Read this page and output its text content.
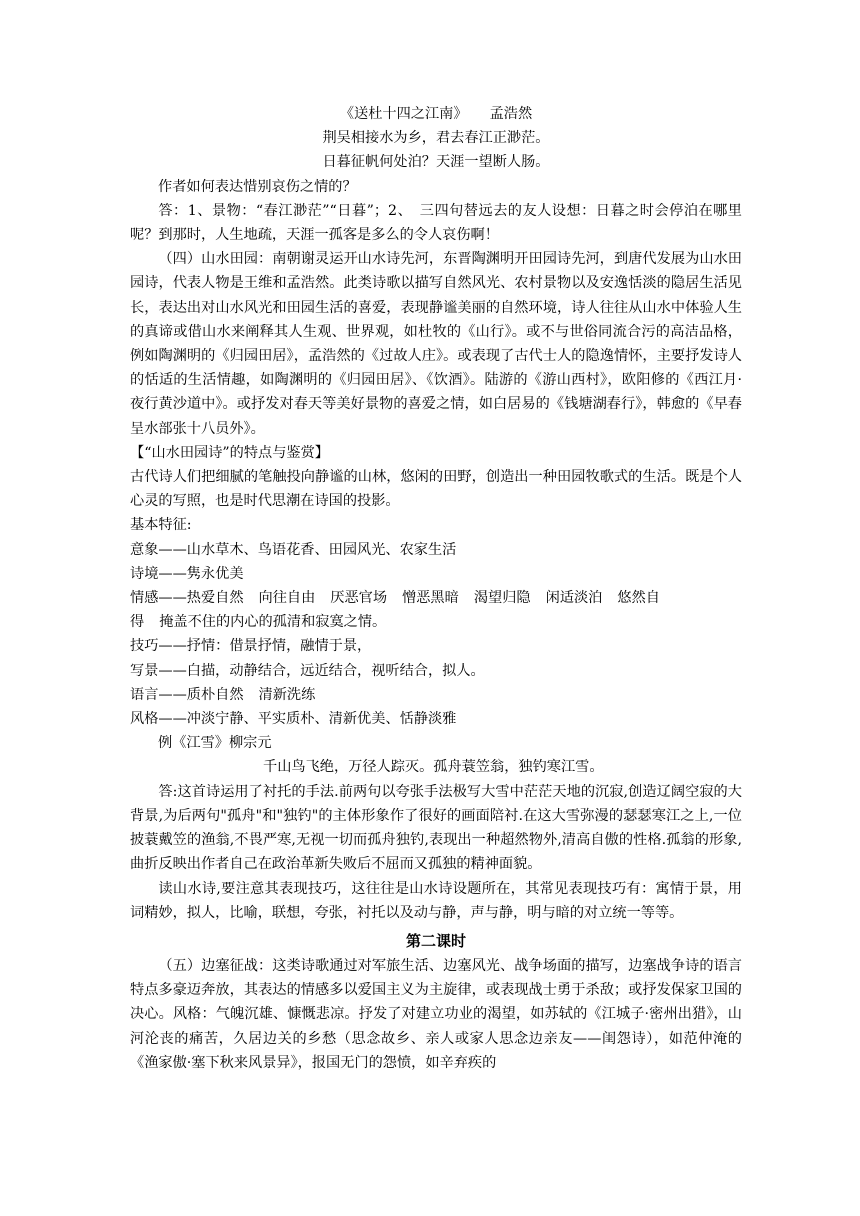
《送杜十四之江南》 孟浩然

荆吴相接水为乡，君去春江正渺茫。

日暮征帆何处泊？天涯一望断人肠。

作者如何表达惜别哀伤之情的？

答：1、景物：“春江渺茫”“日暮”；2、　三四句替远去的友人设想：日暮之时会停泊在哪里呢？到那时，人生地疏，天涯一孤客是多么的令人哀伤啊！

（四）山水田园：南朝谢灵运开山水诗先河，东晋陶渊明开田园诗先河，到唐代发展为山水田园诗，代表人物是王维和孟浩然。此类诗歌以描写自然风光、农村景物以及安逸恬淡的隐居生活见长，表达出对山水风光和田园生活的喜爱，表现静谧美丽的自然环境，诗人往往从山水中体验人生的真谛或借山水来阐释其人生观、世界观，如杜牧的《山行》。或不与世俗同流合污的高洁品格，例如陶渊明的《归园田居》，孟浩然的《过故人庄》。或表现了古代士人的隐逸情怀，主要抒发诗人的恬适的生活情趣，如陶渊明的《归园田居》、《饮酒》。陆游的《游山西村》，欧阳修的《西江月·夜行黄沙道中》。或抒发对春天等美好景物的喜爱之情，如白居易的《钱塘湖春行》，韩愈的《早春呈水部张十八员外》。

【“山水田园诗”的特点与鉴赏】

古代诗人们把细腻的笔触投向静谧的山林，悠闲的田野，创造出一种田园牧歌式的生活。既是个人心灵的写照，也是时代思潮在诗国的投影。

基本特征:

意象——山水草木、鸟语花香、田园风光、农家生活

诗境——隽永优美

情感——热爱自然 向往自由 厌恶官场 憎恶黑暗 渴望归隐 闲适淡泊 悠然自

得 掩盖不住的内心的孤清和寂寞之情。

技巧——抒情：借景抒情，融情于景，

写景——白描，动静结合，远近结合，视听结合，拟人。

语言——质朴自然 清新洗练

风格——冲淡宁静、平实质朴、清新优美、恬静淡雅

例《江雪》柳宗元

千山鸟飞绝，万径人踪灭。孤舟蓑笠翁，独钓寒江雪。

答:这首诗运用了衬托的手法.前两句以夸张手法极写大雪中茫茫天地的沉寂,创造辽阔空寂的大背景,为后两句"孤舟"和"独钓"的主体形象作了很好的画面陪衬.在这大雪弥漫的瑟瑟寒江之上,一位披蓑戴笠的渔翁,不畏严寒,无视一切而孤舟独钓,表现出一种超然物外,清高自傲的性格.孤翁的形象,曲折反映出作者自己在政治革新失败后不屈而又孤独的精神面貌。

读山水诗,要注意其表现技巧，这往往是山水诗设题所在，其常见表现技巧有：寓情于景，用词精妙，拟人，比喻，联想，夸张，衬托以及动与静，声与静，明与暗的对立统一等等。

第二课时

（五）边塞征战：这类诗歌通过对军旅生活、边塞风光、战争场面的描写，边塞战争诗的语言特点多豪迈奔放，其表达的情感多以爱国主义为主旋律，或表现战士勇于杀敌；或抒发保家卫国的决心。风格：气魄沉雄、慷慨悲凉。抒发了对建立功业的渴望，如苏轼的《江城子·密州出猎》，山河沦丧的痛苦，久居边关的乡愁（思念故乡、亲人或家人思念边亲友——闺怨诗），如范仲淹的《渔家傲·塞下秋来风景异》，报国无门的怨愤，如辛弃疾的
